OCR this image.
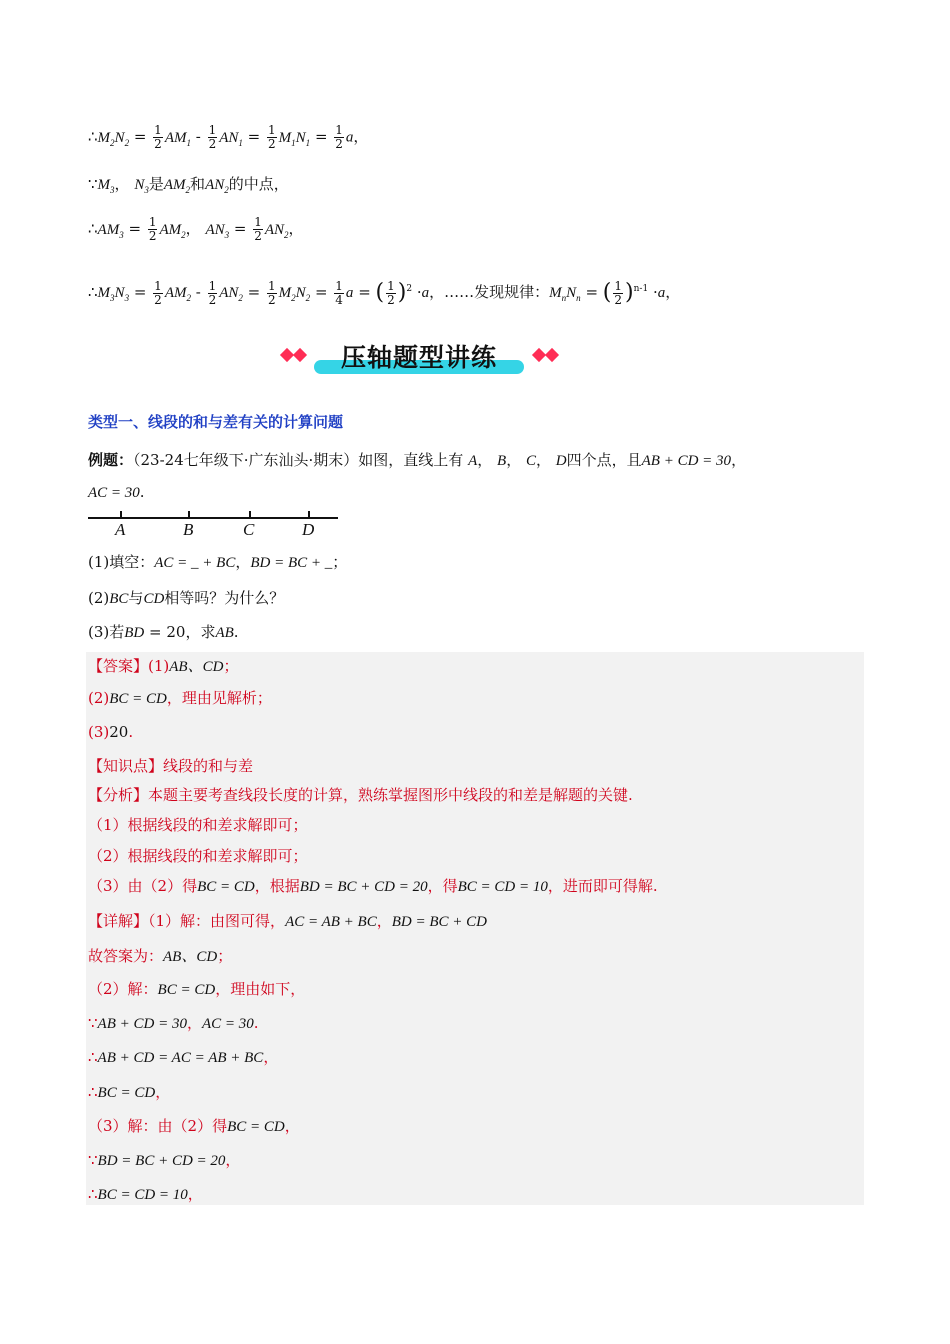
$\therefore M_2N_2 = \frac{1}{2} AM_1 - \frac{1}{2} AN_1 = \frac{1}{2} M_1N_1 = \frac{1}{2}$ a，
$\because M_3$， $N_3$是$AM_2$和$AN_2$的中点，
$\therefore AM_3 = \frac{1}{2} AM_2$， $AN_3 = \frac{1}{2} AN_2$，
$\therefore M_3N_3 = \frac{1}{2} AM_2 - \frac{1}{2} AN_2 = \frac{1}{2} M_2N_2 = \frac{1}{4}$ a = ( $\frac{1}{2} )^2 \cdot a$，……发现规律：$M_nN_n$ = ( $\frac{1}{2} )^{n-1} \cdot a$，
压轴题型讲练
类型一、线段的和与差有关的计算问题
例题：（23-24七年级下·广东汕头·期末）如图，直线上有 A， B， C， D四个点，且AB + CD = 30，
AC = 30.
A	B	C	D
(1)填空：AC = _ + BC，BD = BC + _；
(2)BC与CD相等吗？为什么？
(3)若BD = 20，求AB.
【答案】(1)AB、CD；
(2)BC = CD，理由见解析；
(3)20.
【知识点】线段的和与差
【分析】本题主要考查线段长度的计算，熟练掌握图形中线段的和差是解题的关键.
（1）根据线段的和差求解即可；
（2）根据线段的和差求解即可；
（3）由（2）得BC = CD，根据BD = BC + CD = 20，得BC = CD = 10，进而即可得解.
【详解】（1）解：由图可得，AC = AB + BC，BD = BC + CD
故答案为：AB、CD；
（2）解：BC = CD，理由如下，
∵AB + CD = 30，AC = 30.
∴AB + CD = AC = AB + BC，
∴BC = CD，
（3）解：由（2）得BC = CD，
∵BD = BC + CD = 20，
∴BC = CD = 10，
